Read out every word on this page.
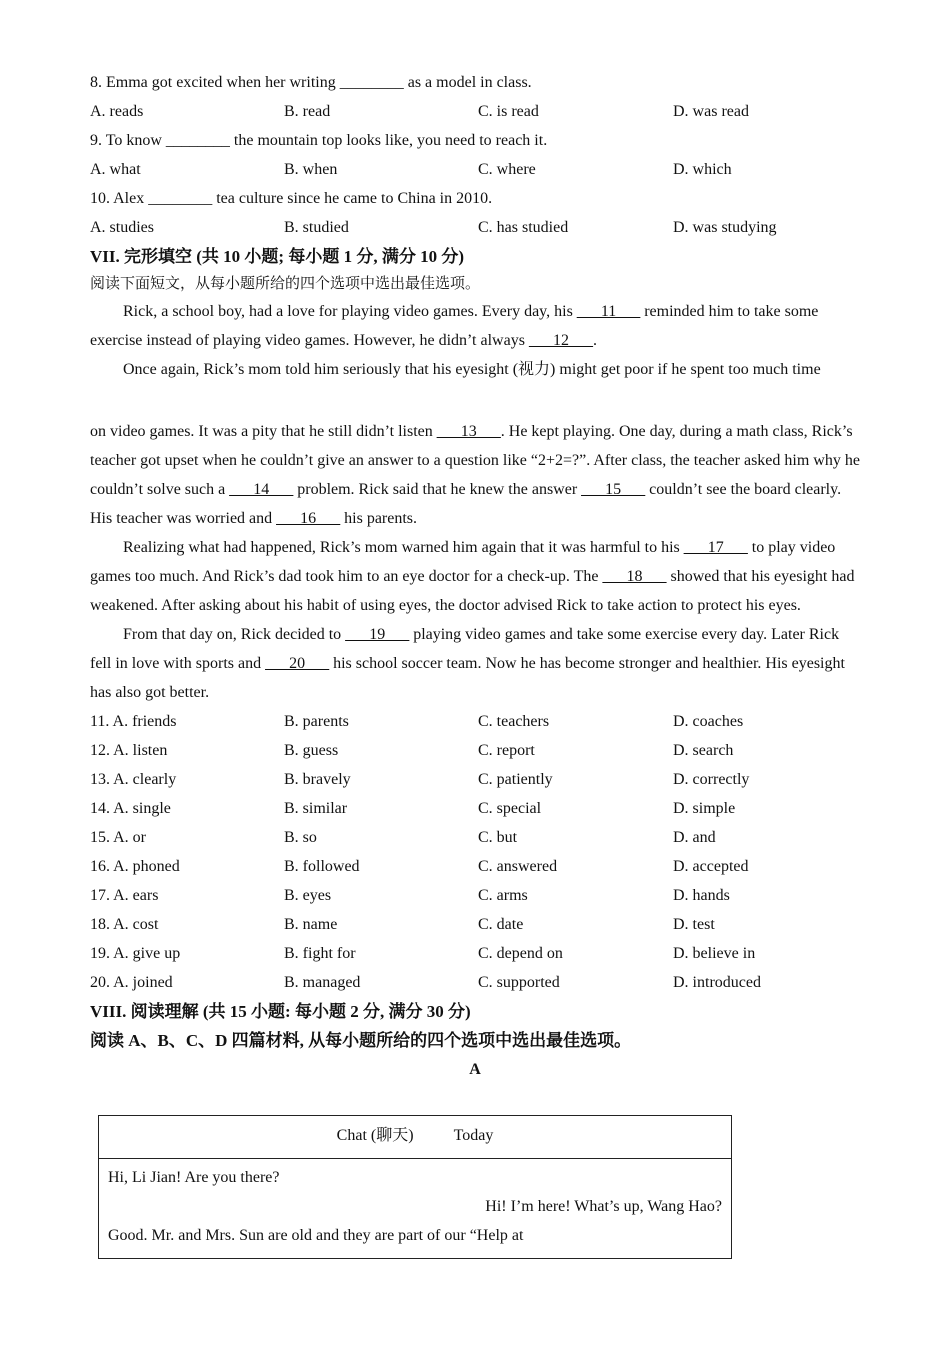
8. Emma got excited when her writing ________ as a model in class.
A. reads	B. read	C. is read	D. was read
9. To know ________ the mountain top looks like, you need to reach it.
A. what	B. when	C. where	D. which
10. Alex ________ tea culture since he came to China in 2010.
A. studies	B. studied	C. has studied	D. was studying
VII. 完形填空 (共 10 小题; 每小题 1 分, 满分 10 分)
阅读下面短文，从每小题所给的四个选项中选出最佳选项。

Rick, a school boy, had a love for playing video games. Every day, his ___11___ reminded him to take some exercise instead of playing video games. However, he didn’t always ___12___.

Once again, Rick’s mom told him seriously that his eyesight (视力) might get poor if he spent too much time

on video games. It was a pity that he still didn’t listen ___13___. He kept playing. One day, during a math class, Rick’s teacher got upset when he couldn’t give an answer to a question like “2+2=?”. After class, the teacher asked him why he couldn’t solve such a ___14___ problem. Rick said that he knew the answer ___15___ couldn’t see the board clearly. His teacher was worried and ___16___ his parents.

Realizing what had happened, Rick’s mom warned him again that it was harmful to his ___17___ to play video games too much. And Rick’s dad took him to an eye doctor for a check-up. The ___18___ showed that his eyesight had weakened. After asking about his habit of using eyes, the doctor advised Rick to take action to protect his eyes.

From that day on, Rick decided to ___19___ playing video games and take some exercise every day. Later Rick fell in love with sports and ___20___ his school soccer team. Now he has become stronger and healthier. His eyesight has also got better.

11. A. friends	B. parents	C. teachers	D. coaches
12. A. listen	B. guess	C. report	D. search
13. A. clearly	B. bravely	C. patiently	D. correctly
14. A. single	B. similar	C. special	D. simple
15. A. or	B. so	C. but	D. and
16. A. phoned	B. followed	C. answered	D. accepted
17. A. ears	B. eyes	C. arms	D. hands
18. A. cost	B. name	C. date	D. test
19. A. give up	B. fight for	C. depend on	D. believe in
20. A. joined	B. managed	C. supported	D. introduced
VIII. 阅读理解 (共 15 小题: 每小题 2 分, 满分 30 分)
阅读 A、B、C、D 四篇材料, 从每小题所给的四个选项中选出最佳选项。
A
Chat (聊天)	Today
Hi, Li Jian! Are you there?
Hi! I’m here! What’s up, Wang Hao?
Good. Mr. and Mrs. Sun are old and they are part of our “Help at
